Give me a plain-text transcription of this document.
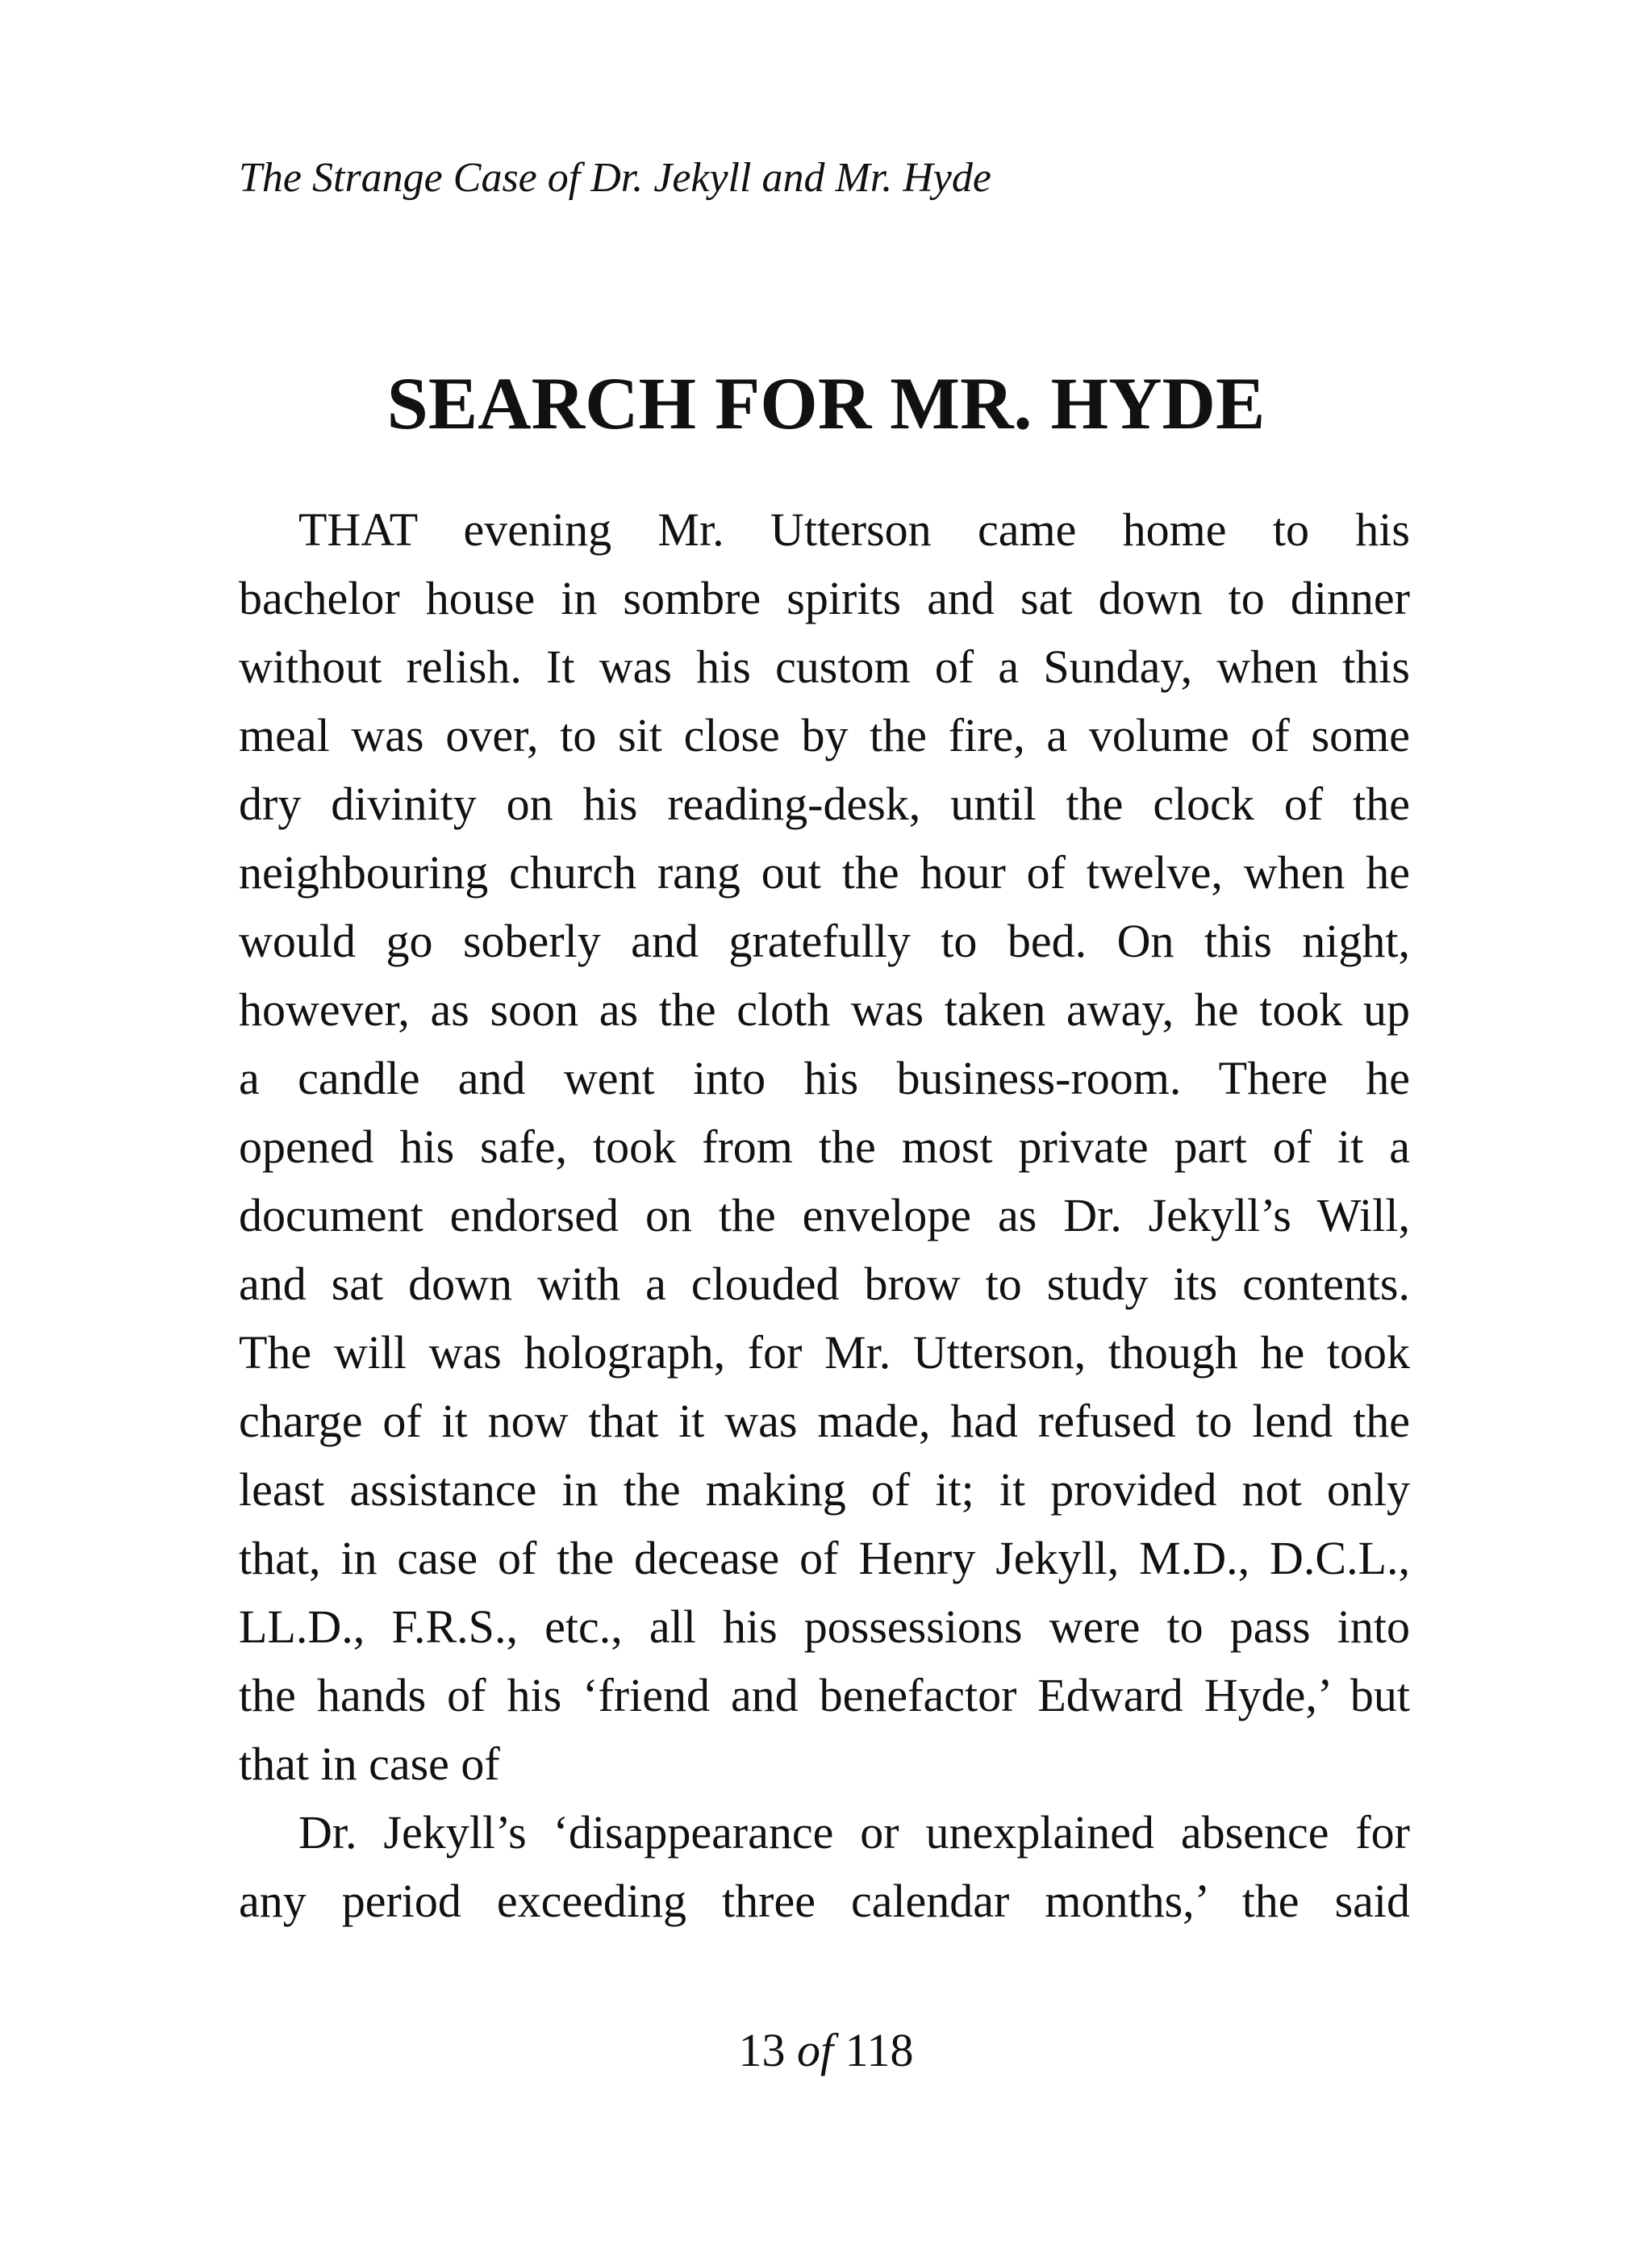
The Strange Case of Dr. Jekyll and Mr. Hyde
SEARCH FOR MR. HYDE
THAT evening Mr. Utterson came home to his
bachelor house in sombre spirits and sat down to dinner
without relish. It was his custom of a Sunday, when this
meal was over, to sit close by the fire, a volume of some
dry divinity on his reading-desk, until the clock of the
neighbouring church rang out the hour of twelve, when he
would go soberly and gratefully to bed. On this night,
however, as soon as the cloth was taken away, he took up
a candle and went into his business-room. There he
opened his safe, took from the most private part of it a
document endorsed on the envelope as Dr. Jekyll’s Will,
and sat down with a clouded brow to study its contents.
The will was holograph, for Mr. Utterson, though he took
charge of it now that it was made, had refused to lend the
least assistance in the making of it; it provided not only
that, in case of the decease of Henry Jekyll, M.D., D.C.L.,
LL.D., F.R.S., etc., all his possessions were to pass into
the hands of his ‘friend and benefactor Edward Hyde,’ but
that in case of
Dr. Jekyll’s ‘disappearance or unexplained absence for
any period exceeding three calendar months,’ the said
13 of 118
